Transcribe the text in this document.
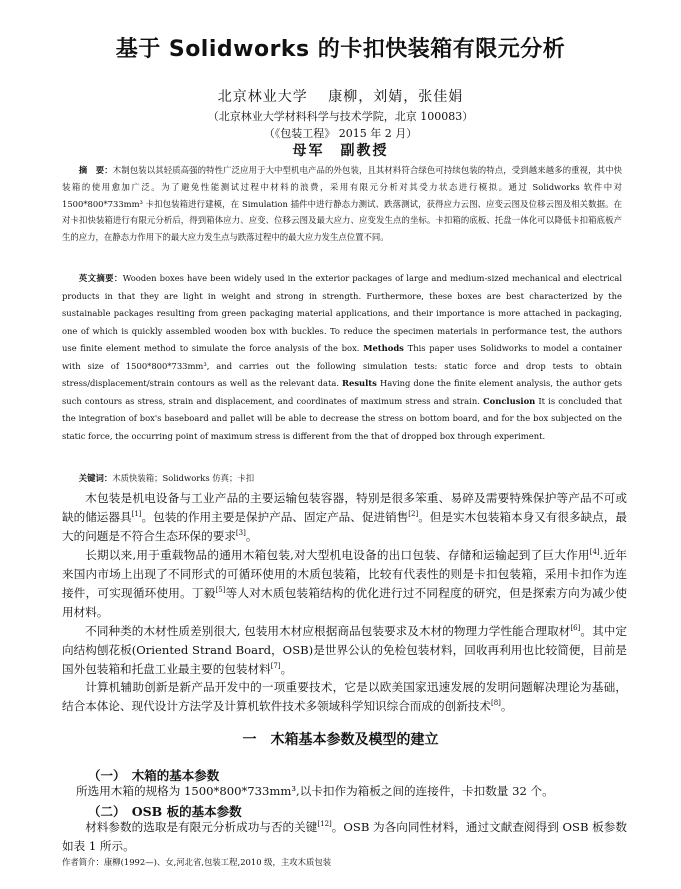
基于 Solidworks 的卡扣快装箱有限元分析
北京林业大学　 康柳，刘婧，张佳娟
（北京林业大学材料科学与技术学院，北京 100083）
（《包装工程》 2015 年 2 月）
母军　副教授
摘　要：木制包装以其轻质高强的特性广泛应用于大中型机电产品的外包装，且其材料符合绿色可持续包装的特点，受到越来越多的重视，其中快装箱的使用愈加广泛。为了避免性能测试过程中材料的浪费，采用有限元分析对其受力状态进行模拟。通过 Solidworks 软件中对 1500*800*733mm³ 卡扣包装箱进行建模，在 Simulation 插件中进行静态力测试、跌落测试，获得应力云图、应变云图及位移云图及相关数据。在对卡扣快装箱进行有限元分析后，得到箱体应力、应变、位移云图及最大应力、应变发生点的坐标。卡扣箱的底板、托盘一体化可以降低卡扣箱底板产生的应力，在静态力作用下的最大应力发生点与跌落过程中的最大应力发生点位置不同。
英文摘要：Wooden boxes have been widely used in the exterior packages of large and medium-sized mechanical and electrical products in that they are light in weight and strong in strength. Furthermore, these boxes are best characterized by the sustainable packages resulting from green packaging material applications, and their importance is more attached in packaging, one of which is quickly assembled wooden box with buckles. To reduce the specimen materials in performance test, the authors use finite element method to simulate the force analysis of the box. Methods This paper uses Solidworks to model a container with size of 1500*800*733mm³, and carries out the following simulation tests: static force and drop tests to obtain stress/displacement/strain contours as well as the relevant data. Results Having done the finite element analysis, the author gets such contours as stress, strain and displacement, and coordinates of maximum stress and strain. Conclusion It is concluded that the integration of box's baseboard and pallet will be able to decrease the stress on bottom board, and for the box subjected on the static force, the occurring point of maximum stress is different from the that of dropped box through experiment.
关键词：木质快装箱；Solidworks 仿真；卡扣
木包装是机电设备与工业产品的主要运输包装容器，特别是很多笨重、易碎及需要特殊保护等产品不可或缺的储运器具[1]。包装的作用主要是保护产品、固定产品、促进销售[2]。但是实木包装箱本身又有很多缺点，最大的问题是不符合生态环保的要求[3]。
长期以来,用于重载物品的通用木箱包装,对大型机电设备的出口包装、存储和运输起到了巨大作用[4].近年来国内市场上出现了不同形式的可循环使用的木质包装箱，比较有代表性的则是卡扣包装箱，采用卡扣作为连接件，可实现循环使用。丁毅[5]等人对木质包装箱结构的优化进行过不同程度的研究，但是探索方向为减少使用材料。
不同种类的木材性质差别很大, 包装用木材应根据商品包装要求及木材的物理力学性能合理取材[6]。其中定向结构刨花板(Oriented Strand Board，OSB)是世界公认的免检包装材料，回收再利用也比较简便，目前是国外包装箱和托盘工业最主要的包装材料[7]。
计算机辅助创新是新产品开发中的一项重要技术，它是以欧美国家迅速发展的发明问题解决理论为基础，结合本体论、现代设计方法学及计算机软件技术多领域科学知识综合而成的创新技术[8]。
一　木箱基本参数及模型的建立
（一）　木箱的基本参数
所选用木箱的规格为 1500*800*733mm³,以卡扣作为箱板之间的连接件，卡扣数量 32 个。
（二）　OSB 板的基本参数
材料参数的选取是有限元分析成功与否的关键[12]。OSB 为各向同性材料，通过文献查阅得到 OSB 板参数如表 1 所示。
作者简介：康柳(1992—)、女,河北省,包装工程,2010 级，主攻木质包装
